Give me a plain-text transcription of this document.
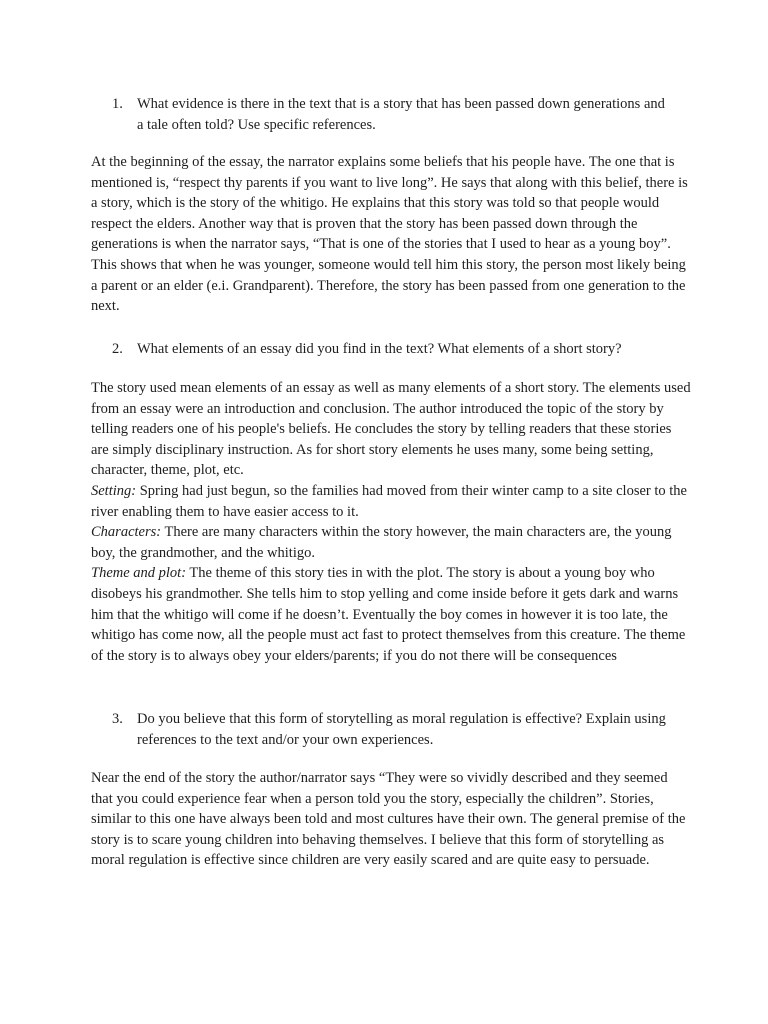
1. What evidence is there in the text that is a story that has been passed down generations and a tale often told? Use specific references.

At the beginning of the essay, the narrator explains some beliefs that his people have. The one that is mentioned is, “respect thy parents if you want to live long”. He says that along with this belief, there is a story, which is the story of the whitigo. He explains that this story was told so that people would respect the elders. Another way that is proven that the story has been passed down through the generations is when the narrator says, “That is one of the stories that I used to hear as a young boy”. This shows that when he was younger, someone would tell him this story, the person most likely being a parent or an elder (e.i. Grandparent). Therefore, the story has been passed from one generation to the next.

2. What elements of an essay did you find in the text? What elements of a short story?

The story used mean elements of an essay as well as many elements of a short story. The elements used from an essay were an introduction and conclusion. The author introduced the topic of the story by telling readers one of his people's beliefs. He concludes the story by telling readers that these stories are simply disciplinary instruction. As for short story elements he uses many, some being setting, character, theme, plot, etc.

Setting: Spring had just begun, so the families had moved from their winter camp to a site closer to the river enabling them to have easier access to it.

Characters: There are many characters within the story however, the main characters are, the young boy, the grandmother, and the whitigo.

Theme and plot: The theme of this story ties in with the plot. The story is about a young boy who disobeys his grandmother. She tells him to stop yelling and come inside before it gets dark and warns him that the whitigo will come if he doesn’t. Eventually the boy comes in however it is too late, the whitigo has come now, all the people must act fast to protect themselves from this creature. The theme of the story is to always obey your elders/parents; if you do not there will be consequences

3. Do you believe that this form of storytelling as moral regulation is effective? Explain using references to the text and/or your own experiences.

Near the end of the story the author/narrator says “They were so vividly described and they seemed that you could experience fear when a person told you the story, especially the children”. Stories, similar to this one have always been told and most cultures have their own. The general premise of the story is to scare young children into behaving themselves. I believe that this form of storytelling as moral regulation is effective since children are very easily scared and are quite easy to persuade.
